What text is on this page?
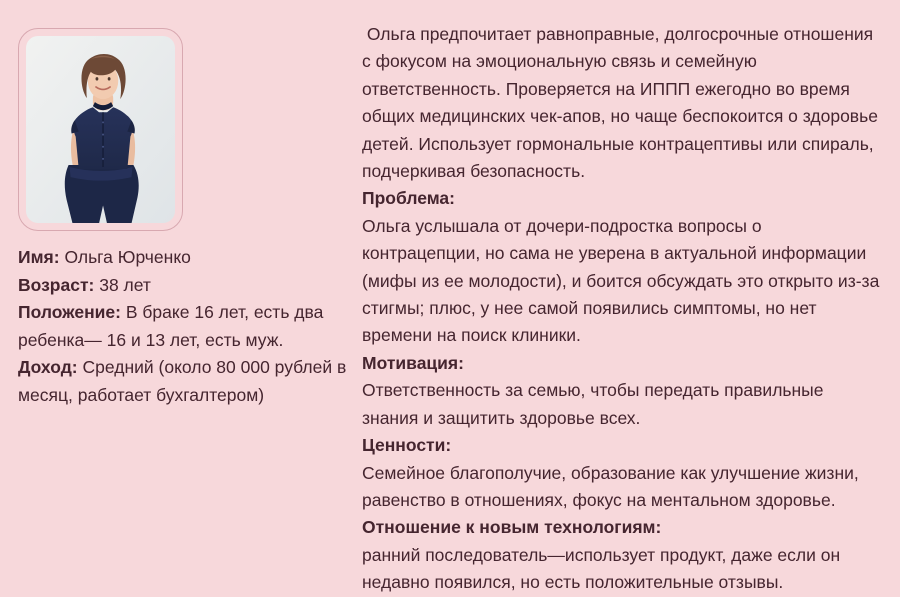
Имя: Ольга Юрченко

Возраст: 38 лет

Положение: В браке 16 лет, есть два ребенка— 16 и 13 лет, есть муж.

Доход: Средний (около 80 000 рублей в месяц, работает бухгалтером)

Ольга предпочитает равноправные, долгосрочные отношения с фокусом на эмоциональную связь и семейную ответственность. Проверяется на ИППП ежегодно во время общих медицинских чек-апов, но чаще беспокоится о здоровье детей. Использует гормональные контрацептивы или спираль, подчеркивая безопасность.

Проблема:

Ольга услышала от дочери-подростка вопросы о контрацепции, но сама не уверена в актуальной информации (мифы из ее молодости), и боится обсуждать это открыто из-за стигмы; плюс, у нее самой появились симптомы, но нет времени на поиск клиники.

Мотивация:

Ответственность за семью, чтобы передать правильные знания и защитить здоровье всех.

Ценности:

Семейное благополучие, образование как улучшение жизни, равенство в отношениях, фокус на ментальном здоровье.

Отношение к новым технологиям:

ранний последователь—использует продукт, даже если он недавно появился, но есть положительные отзывы.
